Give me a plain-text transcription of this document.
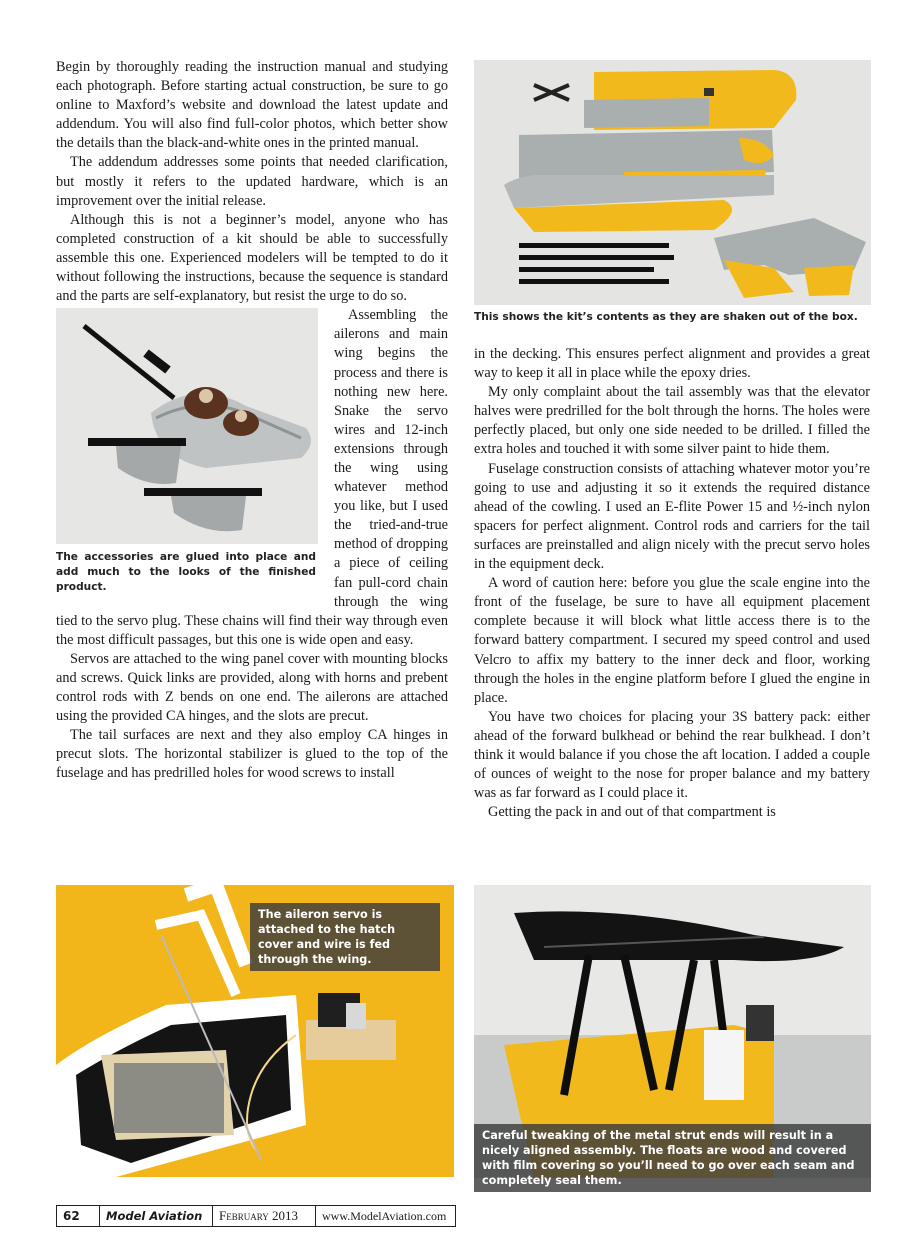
Begin by thoroughly reading the instruction manual and studying each photograph. Before starting actual construction, be sure to go online to Maxford’s website and download the latest update and addendum. You will also find full-color photos, which better show the details than the black-and-white ones in the printed manual.

The addendum addresses some points that needed clarification, but mostly it refers to the updated hardware, which is an improvement over the initial release.

Although this is not a beginner’s model, anyone who has completed construction of a kit should be able to successfully assemble this one. Experienced modelers will be tempted to do it without following the instructions, because the sequence is standard and the parts are self-explanatory, but resist the urge to do so.

The accessories are glued into place and add much to the looks of the finished product.

Assembling the ailerons and main wing begins the process and there is nothing new here. Snake the servo wires and 12-inch extensions through the wing using whatever method you like, but I used the tried-and-true method of dropping a piece of ceiling fan pull-cord chain through the wing tied to the servo plug. These chains will find their way through even the most difficult passages, but this one is wide open and easy.

Servos are attached to the wing panel cover with mounting blocks and screws. Quick links are provided, along with horns and prebent control rods with Z bends on one end. The ailerons are attached using the provided CA hinges, and the slots are precut.

The tail surfaces are next and they also employ CA hinges in precut slots. The horizontal stabilizer is glued to the top of the fuselage and has predrilled holes for wood screws to install

This shows the kit’s contents as they are shaken out of the box.

in the decking. This ensures perfect alignment and provides a great way to keep it all in place while the epoxy dries.

My only complaint about the tail assembly was that the elevator halves were predrilled for the bolt through the horns. The holes were perfectly placed, but only one side needed to be drilled. I filled the extra holes and touched it with some silver paint to hide them.

Fuselage construction consists of attaching whatever motor you’re going to use and adjusting it so it extends the required distance ahead of the cowling. I used an E-flite Power 15 and ½-inch nylon spacers for perfect alignment. Control rods and carriers for the tail surfaces are preinstalled and align nicely with the precut servo holes in the equipment deck.

A word of caution here: before you glue the scale engine into the front of the fuselage, be sure to have all equipment placement complete because it will block what little access there is to the forward battery compartment. I secured my speed control and used Velcro to affix my battery to the inner deck and floor, working through the holes in the engine platform before I glued the engine in place.

You have two choices for placing your 3S battery pack: either ahead of the forward bulkhead or behind the rear bulkhead. I don’t think it would balance if you chose the aft location. I added a couple of ounces of weight to the nose for proper balance and my battery was as far forward as I could place it.

Getting the pack in and out of that compartment is

The aileron servo is attached to the hatch cover and wire is fed through the wing.
Careful tweaking of the metal strut ends will result in a nicely aligned assembly. The floats are wood and covered with film covering so you’ll need to go over each seam and completely seal them.
62	Model Aviation	February 2013	www.ModelAviation.com
